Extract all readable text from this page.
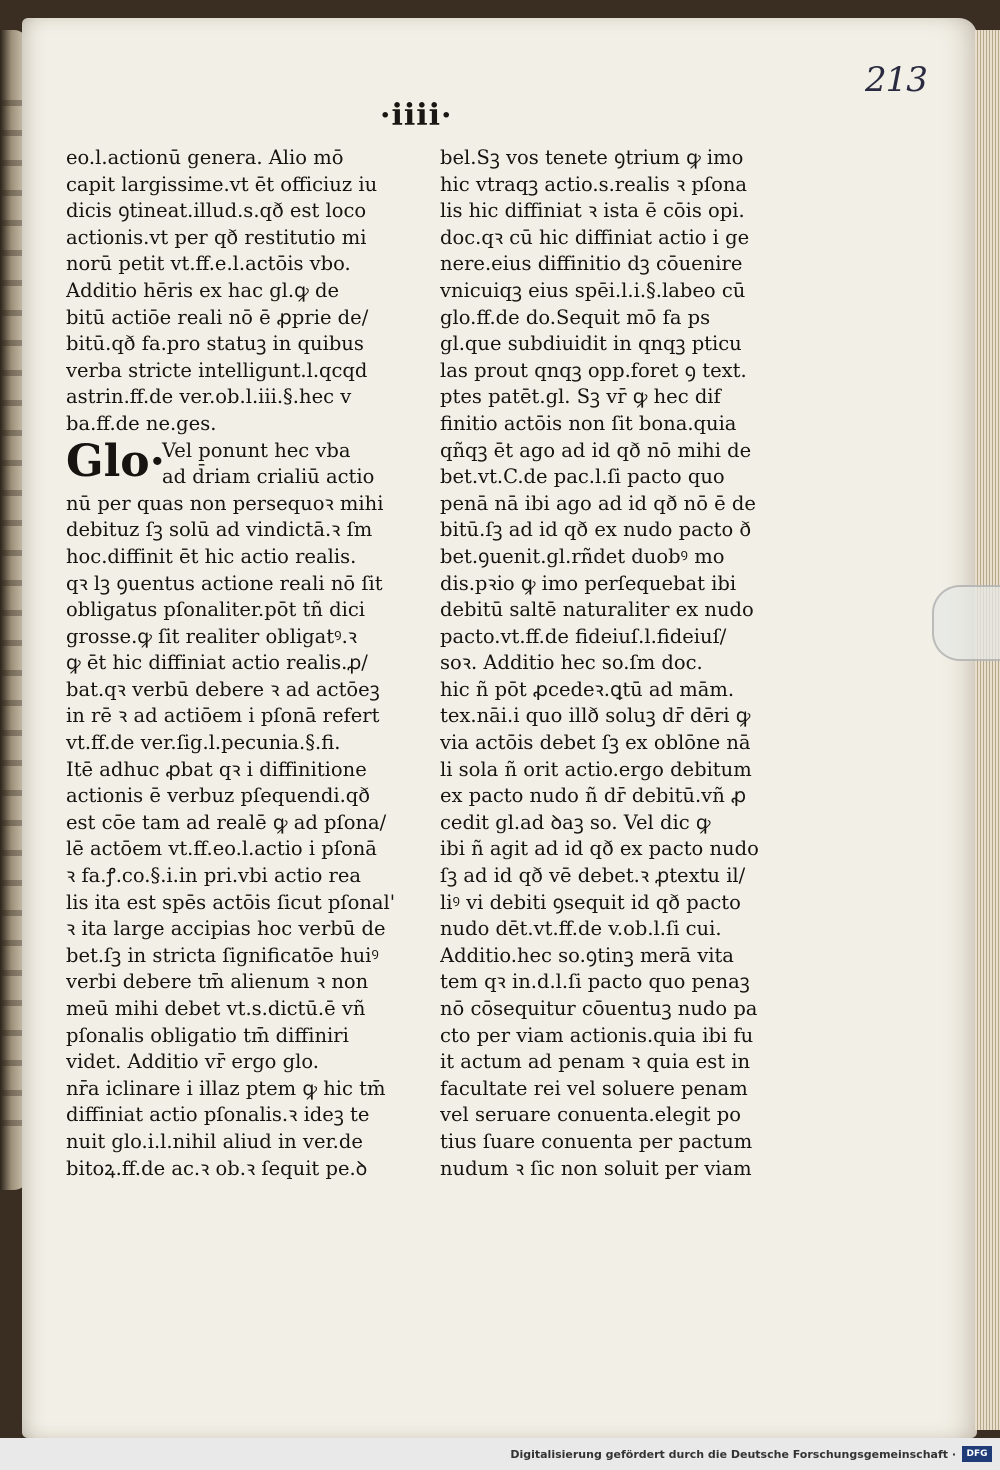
213
·iiii·
eo.l.actionū genera. Alio mō
capit largissime.vt ēt officiuz iu
dicis ꝯtineat.illud.s.qð est loco
actionis.vt per qð restitutio mi
norū petit vt.ff.e.l.actōis vbo.
Additio hēris ex hac gl.ꝙ de
bitū actiōe reali nō ē ꝓprie de/
bitū.qð fa.pro statuꝫ in quibus
verba stricte intelligunt.l.qcqd
astrin.ff.de ver.ob.l.iii.§.hec v
ba.ff.de ne.ges.
Vel ponunt hec vba
ad d̄riam crialiū actio
nū per quas non persequoꝛ mihi
debituz ſꝫ solū ad vindictā.ꝛ ſm
hoc.diffinit ēt hic actio realis.
qꝛ lꝫ ꝯuentus actione reali nō ſit
obligatus pſonaliter.pōt tñ dici
grosse.ꝙ ſit realiter obligatꝰ.ꝛ
ꝙ ēt hic diffiniat actio realis.ꝓ/
bat.qꝛ verbū debere ꝛ ad actōeꝫ
in rē ꝛ ad actiōem i pſonā refert
vt.ff.de ver.ſig.l.pecunia.§.fi.
Itē adhuc ꝓbat qꝛ i diffinitione
actionis ē verbuz pſequendi.qð
est cōe tam ad realē ꝙ ad pſona/
lē actōem vt.ff.eo.l.actio i pſonā
ꝛ fa.ꝭ.co.§.i.in pri.vbi actio rea
lis ita est spēs actōis ſicut pſonal'
ꝛ ita large accipias hoc verbū de
bet.ſꝫ in stricta ſignificatōe huiꝰ
verbi debere tm̄ alienum ꝛ non
meū mihi debet vt.s.dictū.ē vñ
pſonalis obligatio tm̄ diffiniri
videt. Additio vr̄ ergo glo.
nr̄a iclinare i illaz ptem ꝙ hic tm̄
diffiniat actio pſonalis.ꝛ ideꝫ te
nuit glo.i.l.nihil aliud in ver.de
bitoꝝ.ff.de ac.ꝛ ob.ꝛ ſequit pe.ꝺ
Glo·
bel.Sꝫ vos tenete ꝯtrium ꝙ imo
hic vtraqꝫ actio.s.realis ꝛ pſona
lis hic diffiniat ꝛ ista ē cōis opi.
doc.qꝛ cū hic diffiniat actio i ge
nere.eius diffinitio dꝫ cōuenire
vnicuiqꝫ eius spēi.l.i.§.labeo cū
glo.ff.de do.Sequit mō fa ps
gl.que subdiuidit in qnqꝫ pticu
las prout qnqꝫ opp.foret ꝯ text.
ptes patēt.gl. Sꝫ vr̄ ꝙ hec dif
finitio actōis non ſit bona.quia
qñqꝫ ēt ago ad id qð nō mihi de
bet.vt.C.de pac.l.ſi pacto quo
penā nā ibi ago ad id qð nō ē de
bitū.ſꝫ ad id qð ex nudo pacto ð
bet.ꝯuenit.gl.rñdet duobꝰ mo
dis.pꝛio ꝙ imo perſequebat ibi
debitū saltē naturaliter ex nudo
pacto.vt.ff.de fideiuſ.l.fideiuſ/
soꝛ. Additio hec so.ſm doc.
hic ñ pōt ꝓcedeꝛ.ꝗtū ad mām.
tex.nāi.i quo illð soluꝫ dr̄ dēri ꝙ
via actōis debet ſꝫ ex oblōne nā
li sola ñ orit actio.ergo debitum
ex pacto nudo ñ dr̄ debitū.vñ ꝓ
cedit gl.ad ꝺaꝫ so. Vel dic ꝙ
ibi ñ agit ad id qð ex pacto nudo
ſꝫ ad id qð vē debet.ꝛ ꝓtextu il/
liꝰ vi debiti ꝯsequit id qð pacto
nudo dēt.vt.ff.de v.ob.l.ſi cui.
Additio.hec so.ꝯtinꝫ merā vita
tem qꝛ in.d.l.ſi pacto quo penaꝫ
nō cōsequitur cōuentuꝫ nudo pa
cto per viam actionis.quia ibi fu
it actum ad penam ꝛ quia est in
facultate rei vel soluere penam
vel seruare conuenta.elegit po
tius ſuare conuenta per pactum
nudum ꝛ ſic non soluit per viam
Digitalisierung gefördert durch die Deutsche Forschungsgemeinschaft ·	DFG
